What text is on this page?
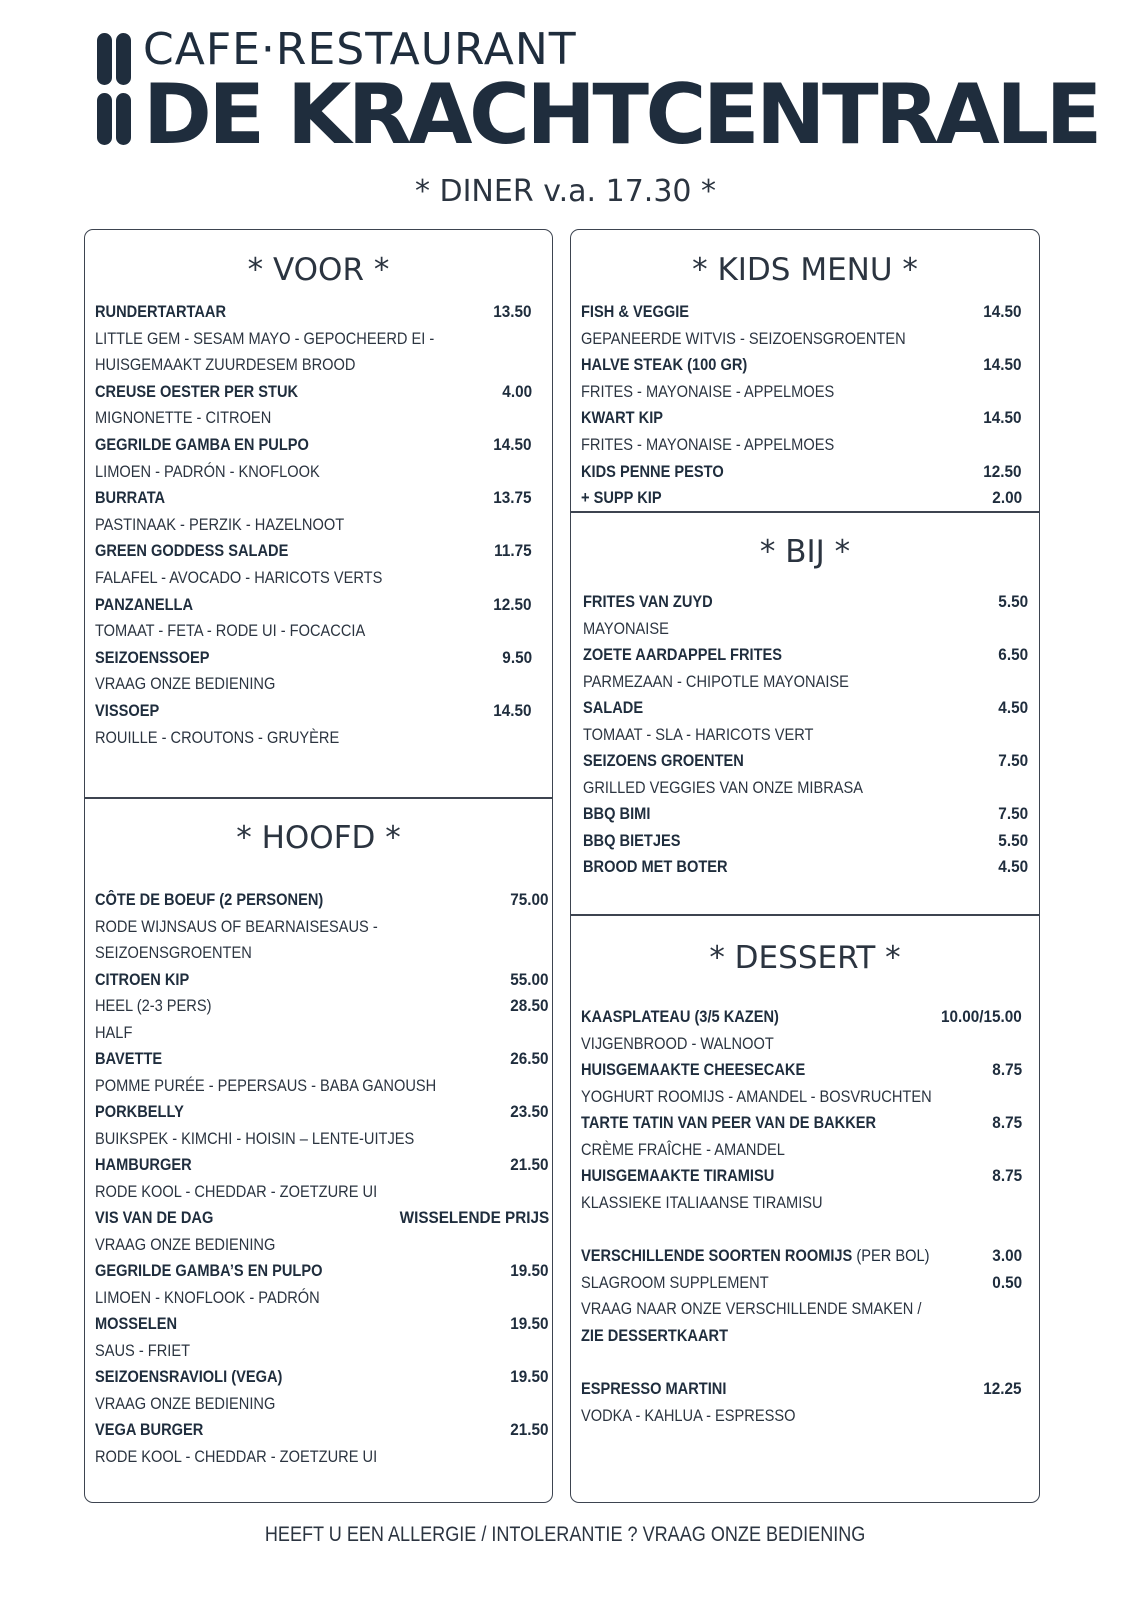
CAFE·RESTAURANT
DE KRACHTCENTRALE
* DINER v.a. 17.30 *
* VOOR *
* HOOFD *
* KIDS MENU *
* BIJ *
* DESSERT *
RUNDERTARTAAR	13.50
LITTLE GEM - SESAM MAYO - GEPOCHEERD EI -
HUISGEMAAKT ZUURDESEM BROOD
CREUSE OESTER PER STUK	4.00
MIGNONETTE - CITROEN
GEGRILDE GAMBA EN PULPO	14.50
LIMOEN - PADRÓN - KNOFLOOK
BURRATA	13.75
PASTINAAK - PERZIK - HAZELNOOT
GREEN GODDESS SALADE	11.75
FALAFEL - AVOCADO - HARICOTS VERTS
PANZANELLA	12.50
TOMAAT - FETA - RODE UI - FOCACCIA
SEIZOENSSOEP	9.50
VRAAG ONZE BEDIENING
VISSOEP	14.50
ROUILLE - CROUTONS - GRUYÈRE
CÔTE DE BOEUF (2 PERSONEN)	75.00
RODE WIJNSAUS OF BEARNAISESAUS -
SEIZOENSGROENTEN
CITROEN KIP	55.00
HEEL (2-3 PERS)	28.50
HALF
BAVETTE	26.50
POMME PURÉE - PEPERSAUS - BABA GANOUSH
PORKBELLY	23.50
BUIKSPEK - KIMCHI - HOISIN – LENTE-UITJES
HAMBURGER	21.50
RODE KOOL - CHEDDAR - ZOETZURE UI
VIS VAN DE DAG	WISSELENDE PRIJS
VRAAG ONZE BEDIENING
GEGRILDE GAMBA’S EN PULPO	19.50
LIMOEN - KNOFLOOK - PADRÓN
MOSSELEN	19.50
SAUS - FRIET
SEIZOENSRAVIOLI (VEGA)	19.50
VRAAG ONZE BEDIENING
VEGA BURGER	21.50
RODE KOOL - CHEDDAR - ZOETZURE UI
FISH & VEGGIE	14.50
GEPANEERDE WITVIS - SEIZOENSGROENTEN
HALVE STEAK (100 GR)	14.50
FRITES - MAYONAISE - APPELMOES
KWART KIP	14.50
FRITES - MAYONAISE - APPELMOES
KIDS PENNE PESTO	12.50
+ SUPP KIP	2.00
FRITES VAN ZUYD	5.50
MAYONAISE
ZOETE AARDAPPEL FRITES	6.50
PARMEZAAN - CHIPOTLE MAYONAISE
SALADE	4.50
TOMAAT - SLA - HARICOTS VERT
SEIZOENS GROENTEN	7.50
GRILLED VEGGIES VAN ONZE MIBRASA
BBQ BIMI	7.50
BBQ BIETJES	5.50
BROOD MET BOTER	4.50
KAASPLATEAU (3/5 KAZEN)	10.00/15.00
VIJGENBROOD - WALNOOT
HUISGEMAAKTE CHEESECAKE	8.75
YOGHURT ROOMIJS - AMANDEL - BOSVRUCHTEN
TARTE TATIN VAN PEER VAN DE BAKKER	8.75
CRÈME FRAÎCHE - AMANDEL
HUISGEMAAKTE TIRAMISU	8.75
KLASSIEKE ITALIAANSE TIRAMISU
VERSCHILLENDE SOORTEN ROOMIJS (PER BOL)	3.00
SLAGROOM SUPPLEMENT	0.50
VRAAG NAAR ONZE VERSCHILLENDE SMAKEN /
ZIE DESSERTKAART
ESPRESSO MARTINI	12.25
VODKA - KAHLUA - ESPRESSO
HEEFT U EEN ALLERGIE / INTOLERANTIE ? VRAAG ONZE BEDIENING
